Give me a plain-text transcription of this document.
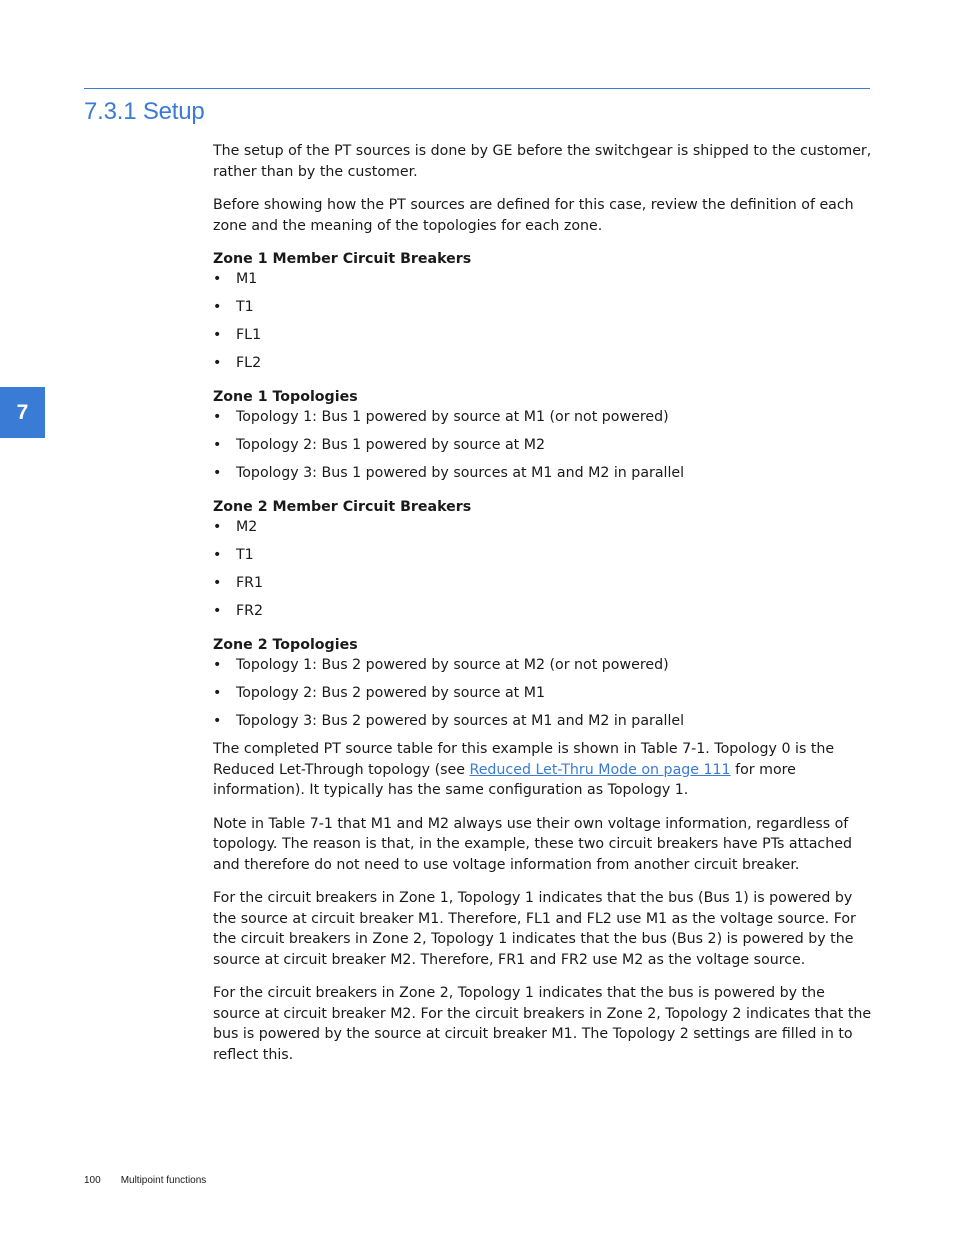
7.3.1 Setup
7

The setup of the PT sources is done by GE before the switchgear is shipped to the customer, rather than by the customer.

Before showing how the PT sources are defined for this case, review the definition of each zone and the meaning of the topologies for each zone.

Zone 1 Member Circuit Breakers
• M1
• T1
• FL1
• FL2
Zone 1 Topologies
• Topology 1: Bus 1 powered by source at M1 (or not powered)
• Topology 2: Bus 1 powered by source at M2
• Topology 3: Bus 1 powered by sources at M1 and M2 in parallel
Zone 2 Member Circuit Breakers
• M2
• T1
• FR1
• FR2
Zone 2 Topologies
• Topology 1: Bus 2 powered by source at M2 (or not powered)
• Topology 2: Bus 2 powered by source at M1
• Topology 3: Bus 2 powered by sources at M1 and M2 in parallel

The completed PT source table for this example is shown in Table 7-1. Topology 0 is the Reduced Let-Through topology (see Reduced Let-Thru Mode on page 111 for more information). It typically has the same configuration as Topology 1.

Note in Table 7-1 that M1 and M2 always use their own voltage information, regardless of topology. The reason is that, in the example, these two circuit breakers have PTs attached and therefore do not need to use voltage information from another circuit breaker.

For the circuit breakers in Zone 1, Topology 1 indicates that the bus (Bus 1) is powered by the source at circuit breaker M1. Therefore, FL1 and FL2 use M1 as the voltage source. For the circuit breakers in Zone 2, Topology 1 indicates that the bus (Bus 2) is powered by the source at circuit breaker M2. Therefore, FR1 and FR2 use M2 as the voltage source.

For the circuit breakers in Zone 2, Topology 1 indicates that the bus is powered by the source at circuit breaker M2. For the circuit breakers in Zone 2, Topology 2 indicates that the bus is powered by the source at circuit breaker M1. The Topology 2 settings are filled in to reflect this.

100 Multipoint functions
